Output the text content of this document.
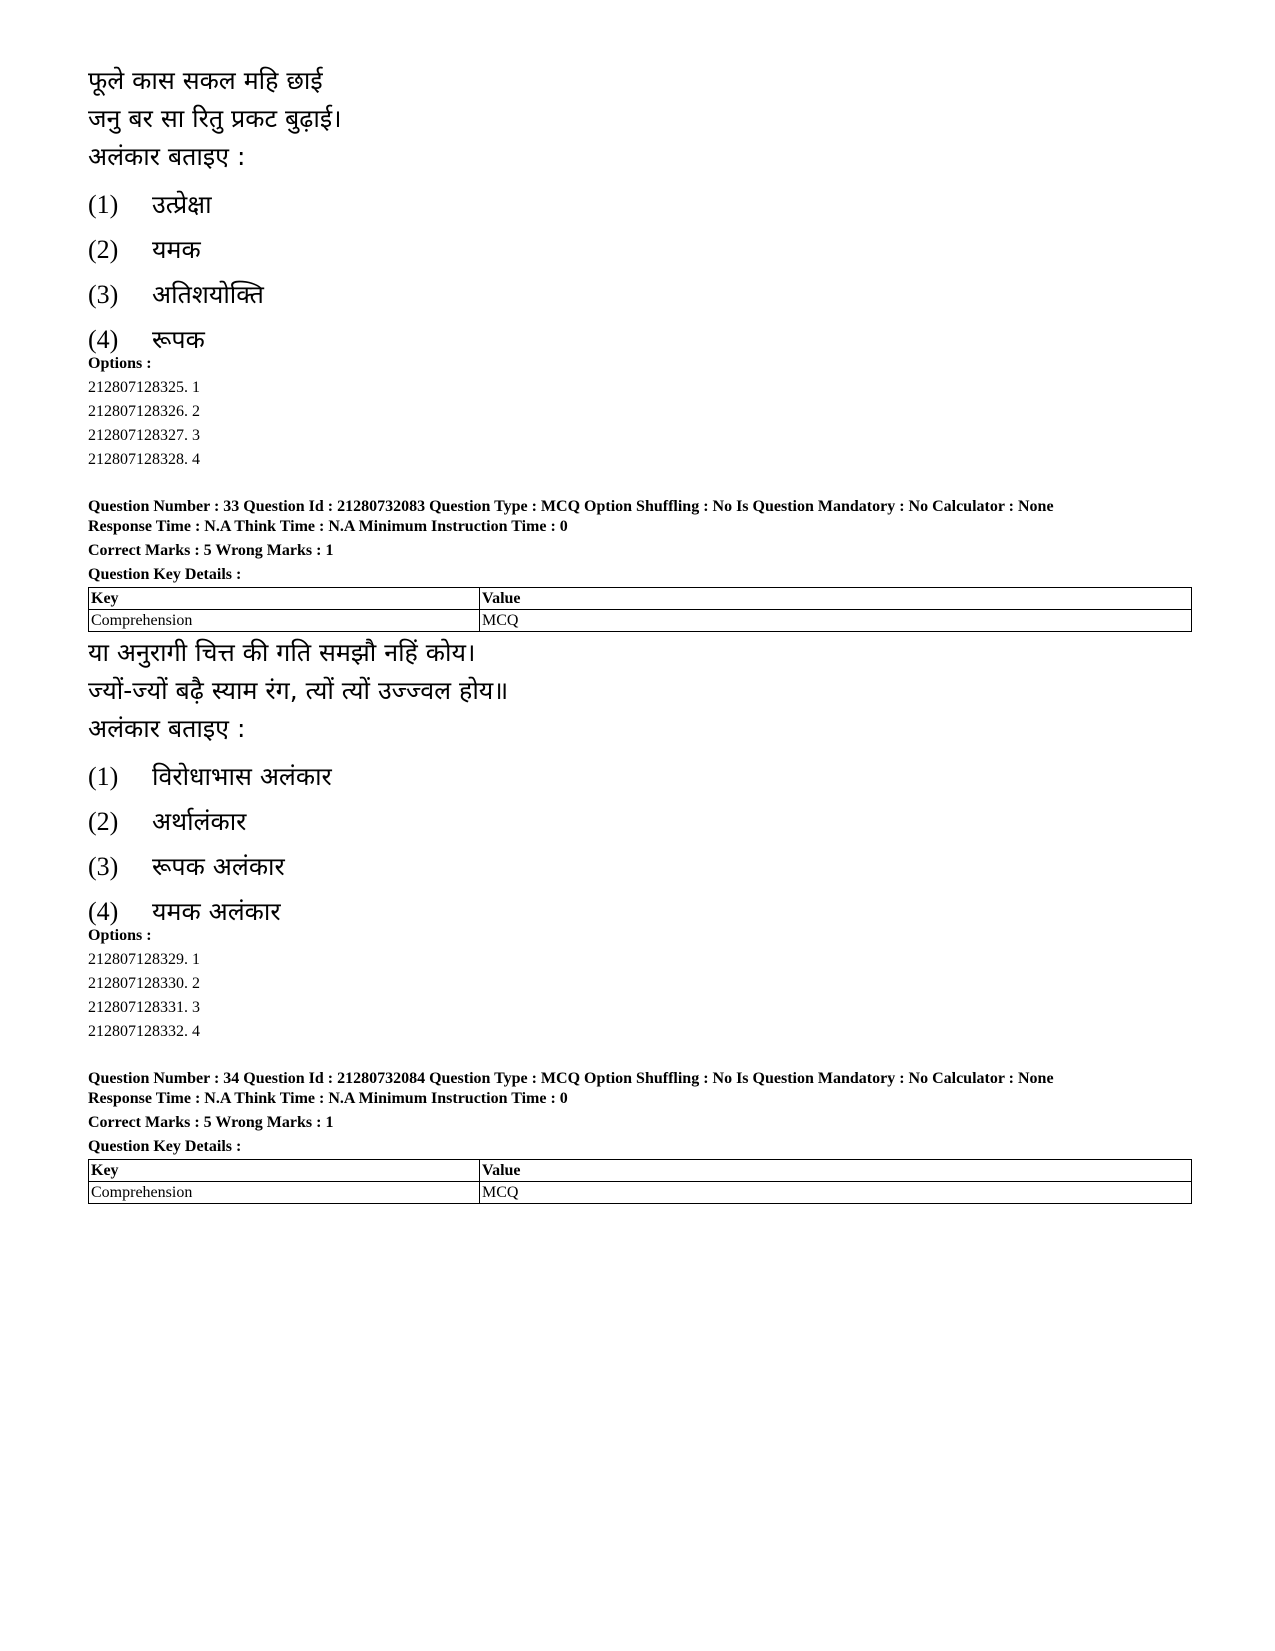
फूले कास सकल महि छाई
जनु बर सा रितु प्रकट बुढ़ाई।
अलंकार बताइए :
(1)	उत्प्रेक्षा
(2)	यमक
(3)	अतिशयोक्ति
(4)	रूपक
Options :
212807128325. 1
212807128326. 2
212807128327. 3
212807128328. 4
Question Number : 33 Question Id : 21280732083 Question Type : MCQ Option Shuffling : No Is Question Mandatory : No Calculator : None
Response Time : N.A Think Time : N.A Minimum Instruction Time : 0
Correct Marks : 5 Wrong Marks : 1
Question Key Details :
Key	Value
Comprehension	MCQ
या अनुरागी चित्त की गति समझौ नहिं कोय।
ज्यों-ज्यों बढ़ै स्याम रंग, त्यों त्यों उज्ज्वल होय॥
अलंकार बताइए :
(1)	विरोधाभास अलंकार
(2)	अर्थालंकार
(3)	रूपक अलंकार
(4)	यमक अलंकार
Options :
212807128329. 1
212807128330. 2
212807128331. 3
212807128332. 4
Question Number : 34 Question Id : 21280732084 Question Type : MCQ Option Shuffling : No Is Question Mandatory : No Calculator : None
Response Time : N.A Think Time : N.A Minimum Instruction Time : 0
Correct Marks : 5 Wrong Marks : 1
Question Key Details :
Key	Value
Comprehension	MCQ
